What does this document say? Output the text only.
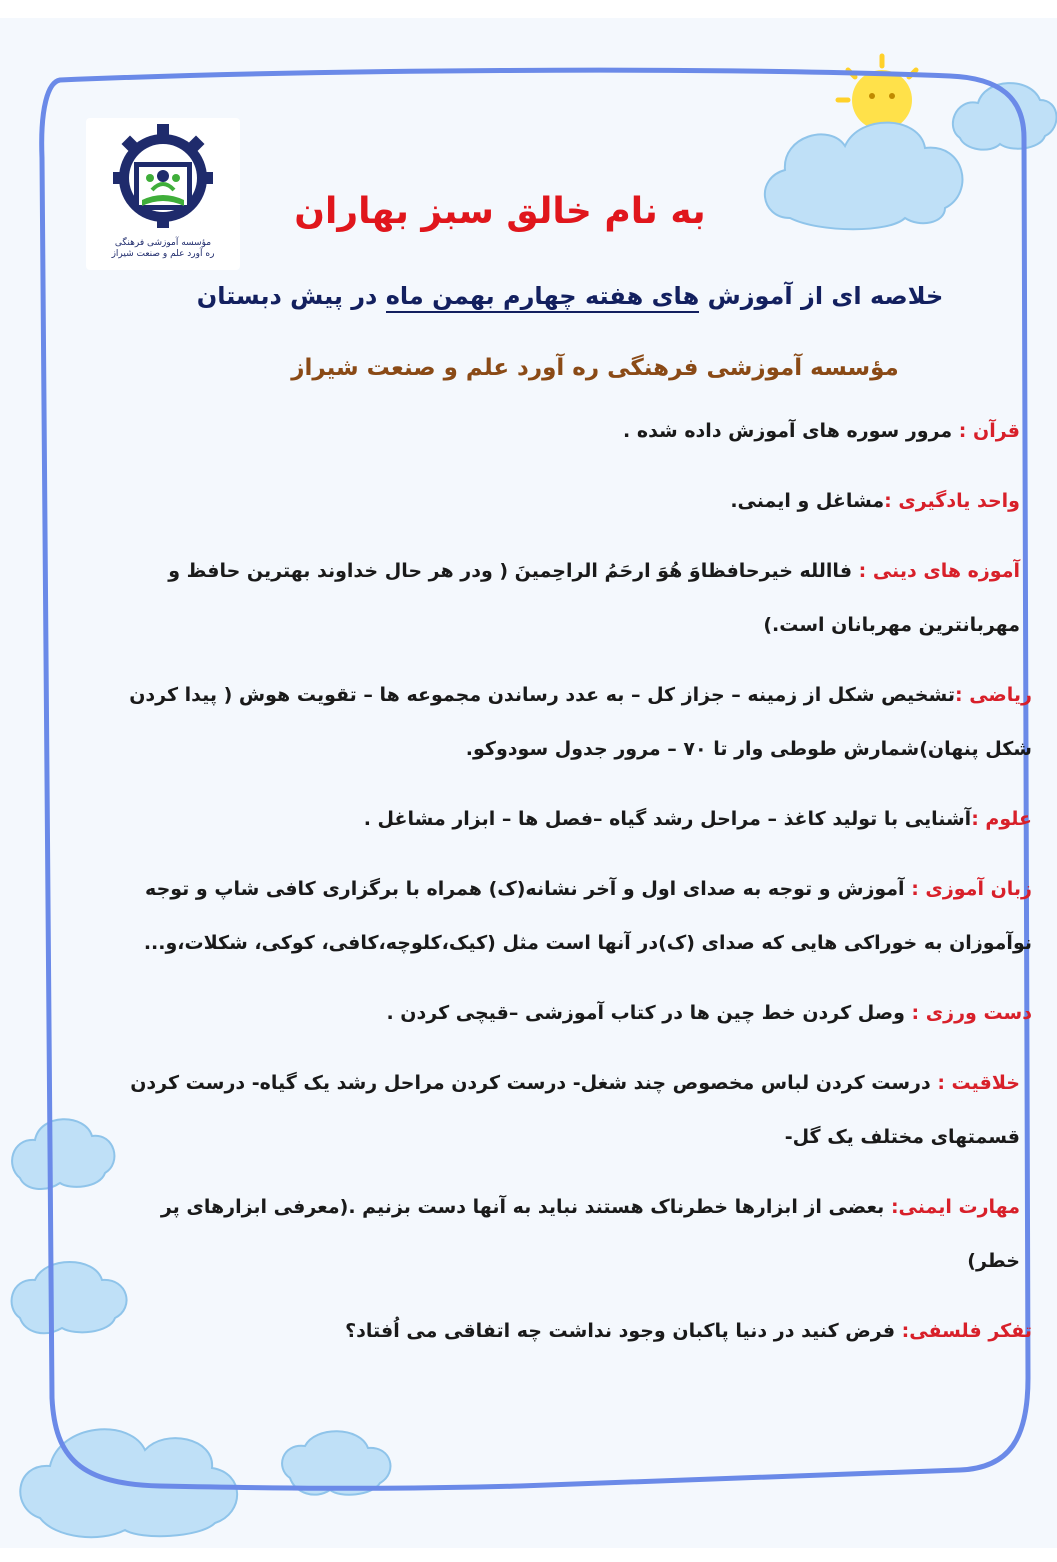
مؤسسه آموزشی فرهنگی
ره آورد علم و صنعت شیراز
به نام خالق سبز بهاران
خلاصه ای از آموزش های هفته چهارم بهمن ماه در پیش دبستان
مؤسسه آموزشی فرهنگی ره آورد علم و صنعت شیراز
قرآن : مرور سوره های آموزش داده شده .
واحد یادگیری :مشاغل و ایمنی.
آموزه های دینی : فاالله خیرحافظاوَ هُوَ ارحَمُ الراحِمینَ ( ودر هر حال خداوند بهترین حافظ و مهربانترین مهربانان است.)
ریاضی :تشخیص شکل از زمینه – جزاز کل – به عدد رساندن مجموعه ها – تقویت هوش ( پیدا کردن شکل پنهان)شمارش طوطی وار تا ۷۰ – مرور جدول سودوکو.
علوم :آشنایی با تولید کاغذ – مراحل رشد گیاه –فصل ها – ابزار مشاغل .
زبان آموزی : آموزش و توجه به صدای اول و آخر نشانه(ک) همراه با برگزاری کافی شاپ و توجه نوآموزان به خوراکی هایی که صدای (ک)در آنها است مثل (کیک،کلوچه،کافی، کوکی، شکلات،و...
دست ورزی : وصل کردن خط چین ها در کتاب آموزشی –قیچی کردن .
خلاقیت : درست کردن لباس مخصوص چند شغل- درست کردن مراحل رشد یک گیاه- درست کردن قسمتهای مختلف یک گل-
مهارت ایمنی: بعضی از ابزارها خطرناک هستند نباید به آنها دست بزنیم .(معرفی ابزارهای پر خطر)
تفکر فلسفی: فرض کنید در دنیا پاکبان وجود نداشت چه اتفاقی می اُفتاد؟
